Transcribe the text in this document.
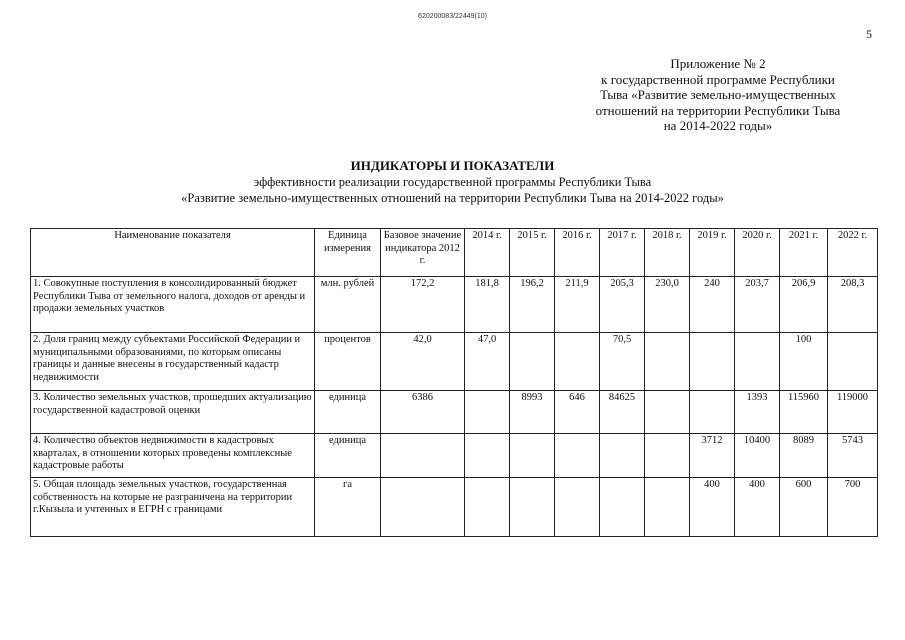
620200083/22449(10)
5
Приложение № 2
к государственной программе Республики
Тыва «Развитие земельно-имущественных
отношений на территории Республики Тыва
на 2014-2022 годы»
ИНДИКАТОРЫ И ПОКАЗАТЕЛИ
эффективности реализации государственной программы Республики Тыва
«Развитие земельно-имущественных отношений на территории Республики Тыва на 2014-2022 годы»
Наименование показателя	Единица измерения	Базовое значение индикатора 2012 г.	2014 г.	2015 г.	2016 г.	2017 г.	2018 г.	2019 г.	2020 г.	2021 г.	2022 г.
1. Совокупные поступления в консолидированный бюджет Республики Тыва от земельного налога, доходов от аренды и продажи земельных участков	млн. рублей	172,2	181,8	196,2	211,9	205,3	230,0	240	203,7	206,9	208,3
2. Доля границ между субъектами Российской Федерации и муниципальными образованиями, по которым описаны границы и данные внесены в государственный кадастр недвижимости	процентов	42,0	47,0			70,5				100	
3. Количество земельных участков, прошедших актуализацию государственной кадастровой оценки	единица	6386		8993	646	84625			1393	115960	119000
4. Количество объектов недвижимости в кадастровых кварталах, в отношении которых проведены комплексные кадастровые работы	единица							3712	10400	8089	5743
5. Общая площадь земельных участков, государственная собственность на которые не разграничена на территории г.Кызыла и учтенных в ЕГРН с границами	га							400	400	600	700
